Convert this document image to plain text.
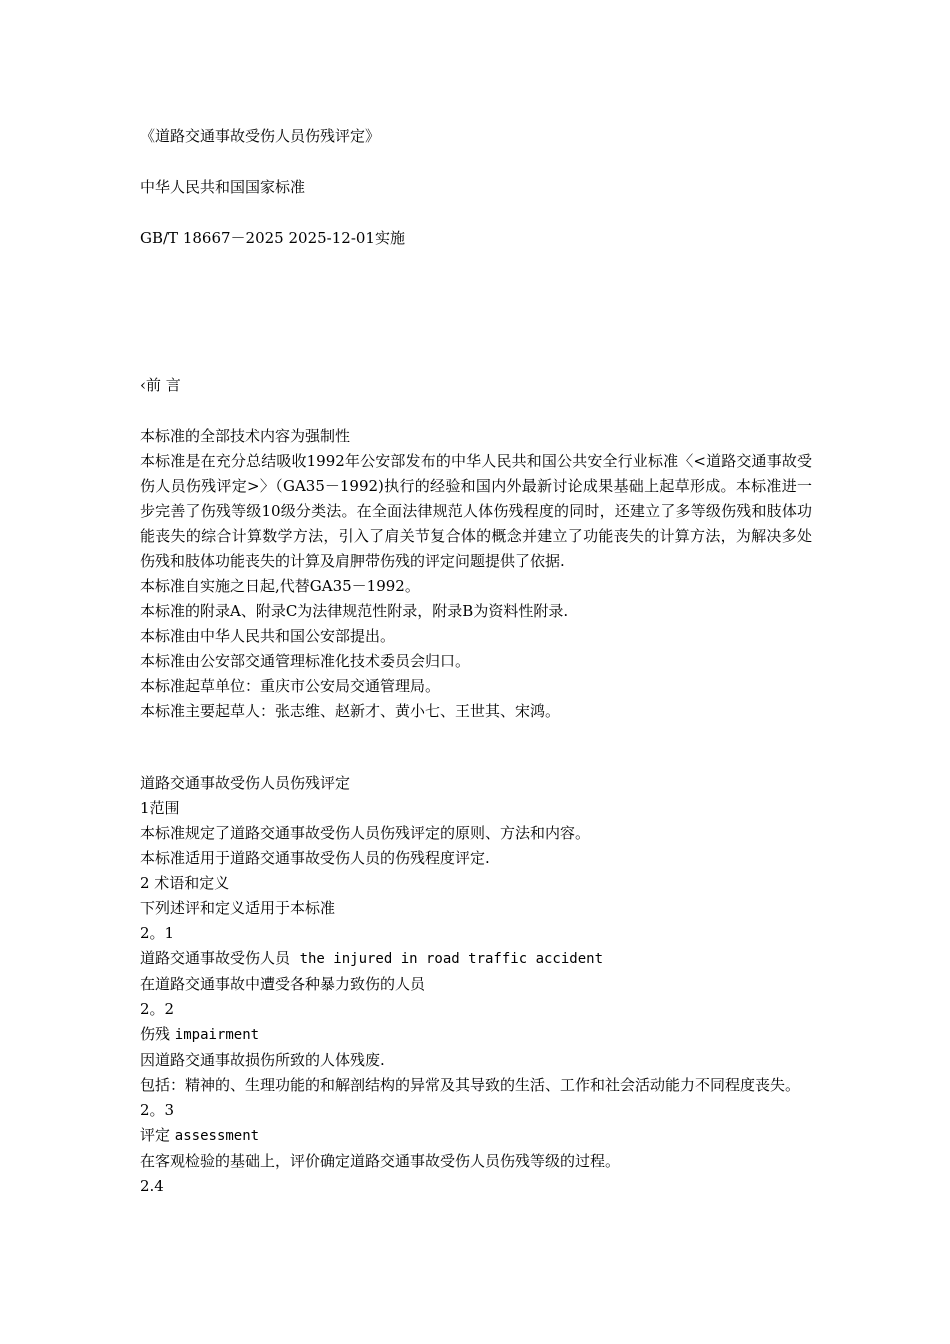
《道路交通事故受伤人员伤残评定》
中华人民共和国国家标准
GB/T 18667－2025 2025-12-01实施
‹前 言
本标准的全部技术内容为强制性
本标准是在充分总结吸收1992年公安部发布的中华人民共和国公共安全行业标准〈<道路交通事故受伤人员伤残评定>〉（GA35－1992)执行的经验和国内外最新讨论成果基础上起草形成。本标准进一步完善了伤残等级10级分类法。在全面法律规范人体伤残程度的同时，还建立了多等级伤残和肢体功能丧失的综合计算数学方法，引入了肩关节复合体的概念并建立了功能丧失的计算方法，为解决多处伤残和肢体功能丧失的计算及肩胛带伤残的评定问题提供了依据.
本标准自实施之日起,代替GA35－1992。
本标准的附录A、附录C为法律规范性附录，附录B为资料性附录.
本标准由中华人民共和国公安部提出。
本标准由公安部交通管理标准化技术委员会归口。
本标准起草单位：重庆市公安局交通管理局。
本标准主要起草人：张志维、赵新才、黄小七、王世其、宋鸿。
道路交通事故受伤人员伤残评定
1范围
本标准规定了道路交通事故受伤人员伤残评定的原则、方法和内容。
本标准适用于道路交通事故受伤人员的伤残程度评定.
2 术语和定义
下列述评和定义适用于本标准
2。1
道路交通事故受伤人员 the injured in road traffic accident
在道路交通事故中遭受各种暴力致伤的人员
2。2
伤残 impairment
因道路交通事故损伤所致的人体残废.
包括：精神的、生理功能的和解剖结构的异常及其导致的生活、工作和社会活动能力不同程度丧失。
2。3
评定 assessment
在客观检验的基础上，评价确定道路交通事故受伤人员伤残等级的过程。
2.4
